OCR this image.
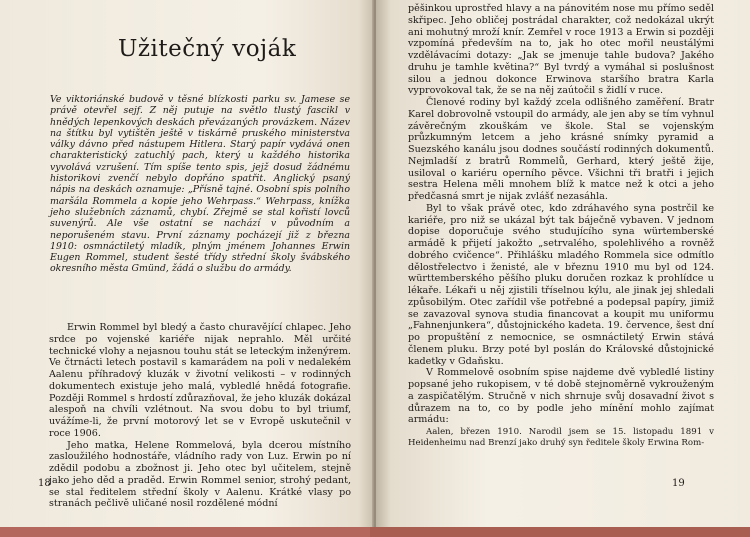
Užitečný voják

Ve viktoriánské budově v těsné blízkosti parku sv. Jamese se právě otevřel sejf. Z něj putuje na světlo tlustý fascikl v hnědých lepenkových deskách převázaných provázkem. Název na štítku byl vytištěn ještě v tiskárně pruského ministerstva války dávno před nástupem Hitlera. Starý papír vydává onen charakteristický zatuchlý pach, který u každého historika vyvolává vzrušení. Tím spíše tento spis, jejž dosud žádnému historikovi zvenčí nebylo dopřáno spatřit. Anglický psaný nápis na deskách oznamuje: „Přísně tajné. Osobní spis polního maršála Rommela a kopie jeho Wehrpass.“ Wehrpass, knížka jeho služebních záznamů, chybí. Zřejmě se stal kořistí lovců suvenýrů. Ale vše ostatní se nachází v původním a neporušeném stavu. První záznamy pocházejí již z března 1910: osmnáctiletý mladík, plným jménem Johannes Erwin Eugen Rommel, student šesté třídy střední školy švábského okresního města Gmünd, žádá o službu do armády.

Erwin Rommel byl bledý a často churavějící chlapec. Jeho srdce po vojenské kariéře nijak neprahlo. Měl určité technické vlohy a nejasnou touhu stát se leteckým inženýrem. Ve čtrnácti letech postavil s kamarádem na poli v nedalekém Aalenu příhradový kluzák v životní velikosti – v rodinných dokumentech existuje jeho malá, vybledlé hnědá fotografie. Později Rommel s hrdostí zdůrazňoval, že jeho kluzák dokázal alespoň na chvíli vzlétnout. Na svou dobu to byl triumf, uvážíme-li, že první motorový let se v Evropě uskutečnil v roce 1906.

Jeho matka, Helene Rommelová, byla dcerou místního zasloužilého hodnostáře, vládního rady von Luz. Erwin po ní zdědil podobu a zbožnost ji. Jeho otec byl učitelem, stejně jako jeho děd a praděd. Erwin Rommel senior, strohý pedant, se stal ředitelem střední školy v Aalenu. Krátké vlasy po stranách pečlivě uličané nosil rozdělené módní

18

pěšinkou uprostřed hlavy a na pánovitém nose mu přímo seděl skřipec. Jeho obličej postrádal charakter, což nedokázal ukrýt ani mohutný mroží knír. Zemřel v roce 1913 a Erwin si později vzpomíná především na to, jak ho otec mořil neustálými vzdělávacími dotazy: „Jak se jmenuje tahle budova? Jakého druhu je tamhle květina?“ Byl tvrdý a vymáhal si poslušnost silou a jednou dokonce Erwinova staršího bratra Karla vyprovokoval tak, že se na něj zaútočil s židlí v ruce.

Členové rodiny byl každý zcela odlišného zaměření. Bratr Karel dobrovolně vstoupil do armády, ale jen aby se tím vyhnul závěrečným zkouškám ve škole. Stal se vojenským průzkumným letcem a jeho krásné snímky pyramid a Suezského kanálu jsou dodnes součástí rodinných dokumentů. Nejmladší z bratrů Rommelů, Gerhard, který ještě žije, usiloval o kariéru operního pěvce. Všichni tři bratři i jejich sestra Helena měli mnohem blíž k matce než k otci a jeho předčasná smrt je nijak zvlášť nezasáhla.

Byl to však právě otec, kdo zdráhavého syna postrčil ke kariéře, pro niž se ukázal být tak báječně vybaven. V jednom dopise doporučuje svého studujícího syna würtemberské armádě k přijetí jakožto „setrvalého, spolehlivého a rovněž dobrého cvičence“. Přihlášku mladého Rommela sice odmítlo dělostřelectvo i ženisté, ale v březnu 1910 mu byl od 124. württemberského pěšího pluku doručen rozkaz k prohlídce u lékaře. Lékaři u něj zjistili tříselnou kýlu, ale jinak jej shledali způsobilým. Otec zařídil vše potřebné a podepsal papíry, jimiž se zavazoval synova studia financovat a koupit mu uniformu „Fahnenjunkera“, důstojnického kadeta. 19. července, šest dní po propuštění z nemocnice, se osmnáctiletý Erwin stává členem pluku. Brzy poté byl poslán do Královské důstojnické kadetky v Gdaňsku.

V Rommelově osobním spise najdeme dvě vybledlé listiny popsané jeho rukopisem, v té době stejnoměrně vykrouženým a zaspičatělým. Stručně v nich shrnuje svůj dosavadní život s důrazem na to, co by podle jeho mínění mohlo zajímat armádu:

Aalen, březen 1910. Narodil jsem se 15. listopadu 1891 v Heidenheimu nad Brenzí jako druhý syn ředitele školy Erwina Rom-

19
